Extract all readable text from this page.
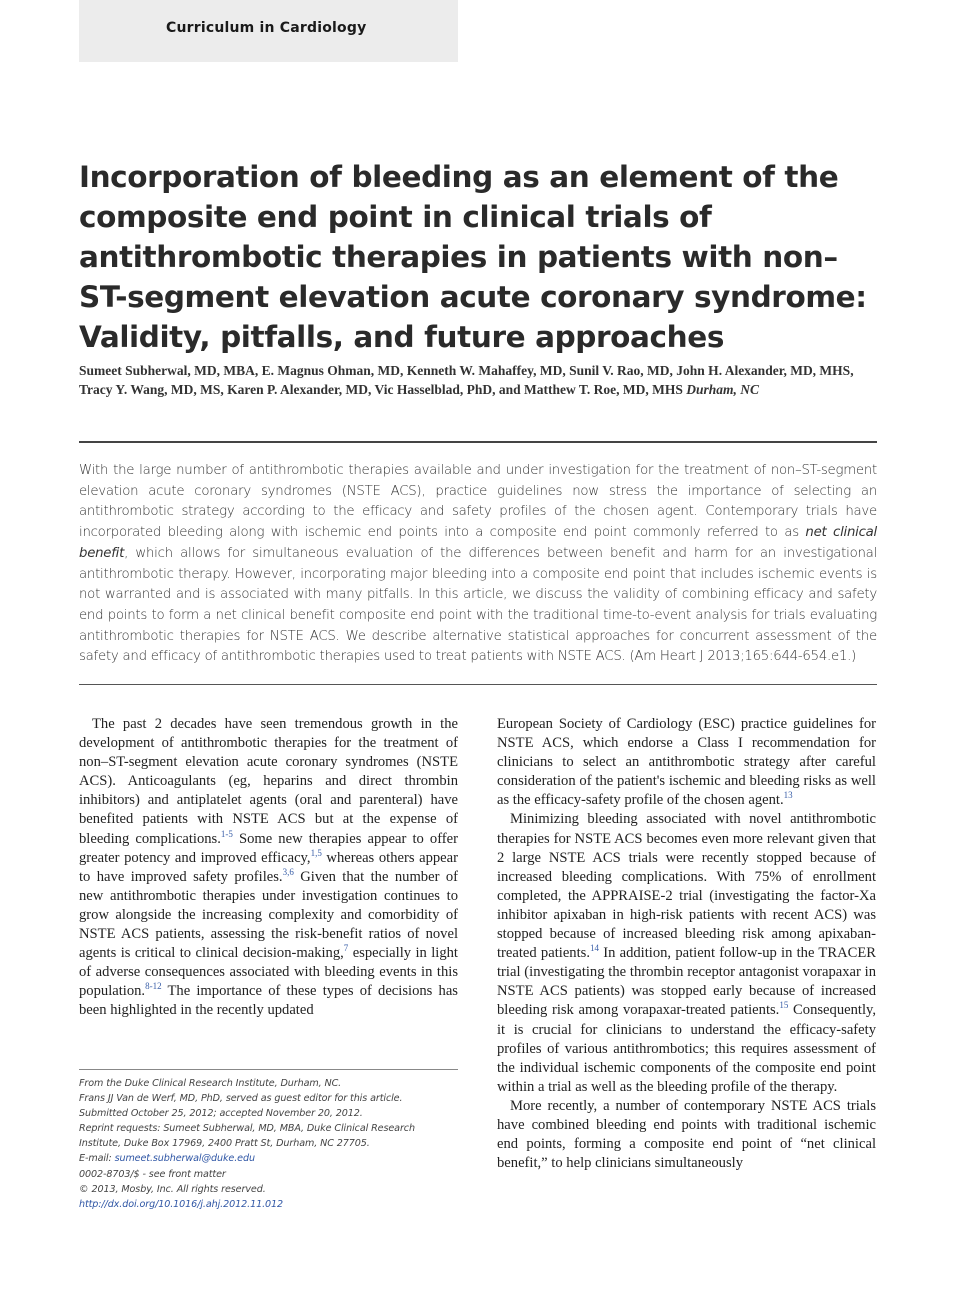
Curriculum in Cardiology
Incorporation of bleeding as an element of the composite end point in clinical trials of antithrombotic therapies in patients with non–ST-segment elevation acute coronary syndrome: Validity, pitfalls, and future approaches
Sumeet Subherwal, MD, MBA, E. Magnus Ohman, MD, Kenneth W. Mahaffey, MD, Sunil V. Rao, MD, John H. Alexander, MD, MHS, Tracy Y. Wang, MD, MS, Karen P. Alexander, MD, Vic Hasselblad, PhD, and Matthew T. Roe, MD, MHS Durham, NC
With the large number of antithrombotic therapies available and under investigation for the treatment of non–ST-segment elevation acute coronary syndromes (NSTE ACS), practice guidelines now stress the importance of selecting an antithrombotic strategy according to the efficacy and safety profiles of the chosen agent. Contemporary trials have incorporated bleeding along with ischemic end points into a composite end point commonly referred to as net clinical benefit, which allows for simultaneous evaluation of the differences between benefit and harm for an investigational antithrombotic therapy. However, incorporating major bleeding into a composite end point that includes ischemic events is not warranted and is associated with many pitfalls. In this article, we discuss the validity of combining efficacy and safety end points to form a net clinical benefit composite end point with the traditional time-to-event analysis for trials evaluating antithrombotic therapies for NSTE ACS. We describe alternative statistical approaches for concurrent assessment of the safety and efficacy of antithrombotic therapies used to treat patients with NSTE ACS. (Am Heart J 2013;165:644-654.e1.)

The past 2 decades have seen tremendous growth in the development of antithrombotic therapies for the treatment of non–ST-segment elevation acute coronary syndromes (NSTE ACS). Anticoagulants (eg, heparins and direct thrombin inhibitors) and antiplatelet agents (oral and parenteral) have benefited patients with NSTE ACS but at the expense of bleeding complications.$^{1-5}$ Some new therapies appear to offer greater potency and improved efficacy,$^{1,5}$ whereas others appear to have improved safety profiles.$^{3,6}$ Given that the number of new antithrombotic therapies under investigation continues to grow alongside the increasing complexity and comorbidity of NSTE ACS patients, assessing the risk-benefit ratios of novel agents is critical to clinical decision-making,$^7$ especially in light of adverse consequences associated with bleeding events in this population.$^{8-12}$ The importance of these types of decisions has been highlighted in the recently updated

From the Duke Clinical Research Institute, Durham, NC.
Frans JJ Van de Werf, MD, PhD, served as guest editor for this article.
Submitted October 25, 2012; accepted November 20, 2012.
Reprint requests: Sumeet Subherwal, MD, MBA, Duke Clinical Research Institute, Duke Box 17969, 2400 Pratt St, Durham, NC 27705.
E-mail: sumeet.subherwal@duke.edu
0002-8703/$ - see front matter
© 2013, Mosby, Inc. All rights reserved.
http://dx.doi.org/10.1016/j.ahj.2012.11.012

European Society of Cardiology (ESC) practice guidelines for NSTE ACS, which endorse a Class I recommendation for clinicians to select an antithrombotic strategy after careful consideration of the patient's ischemic and bleeding risks as well as the efficacy-safety profile of the chosen agent.$^{13}$

Minimizing bleeding associated with novel antithrombotic therapies for NSTE ACS becomes even more relevant given that 2 large NSTE ACS trials were recently stopped because of increased bleeding complications. With 75% of enrollment completed, the APPRAISE-2 trial (investigating the factor-Xa inhibitor apixaban in high-risk patients with recent ACS) was stopped because of increased bleeding risk among apixaban-treated patients.$^{14}$ In addition, patient follow-up in the TRACER trial (investigating the thrombin receptor antagonist vorapaxar in NSTE ACS patients) was stopped early because of increased bleeding risk among vorapaxar-treated patients.$^{15}$ Consequently, it is crucial for clinicians to understand the efficacy-safety profiles of various antithrombotics; this requires assessment of the individual ischemic components of the composite end point within a trial as well as the bleeding profile of the therapy.

More recently, a number of contemporary NSTE ACS trials have combined bleeding end points with traditional ischemic end points, forming a composite end point of “net clinical benefit,” to help clinicians simultaneously
